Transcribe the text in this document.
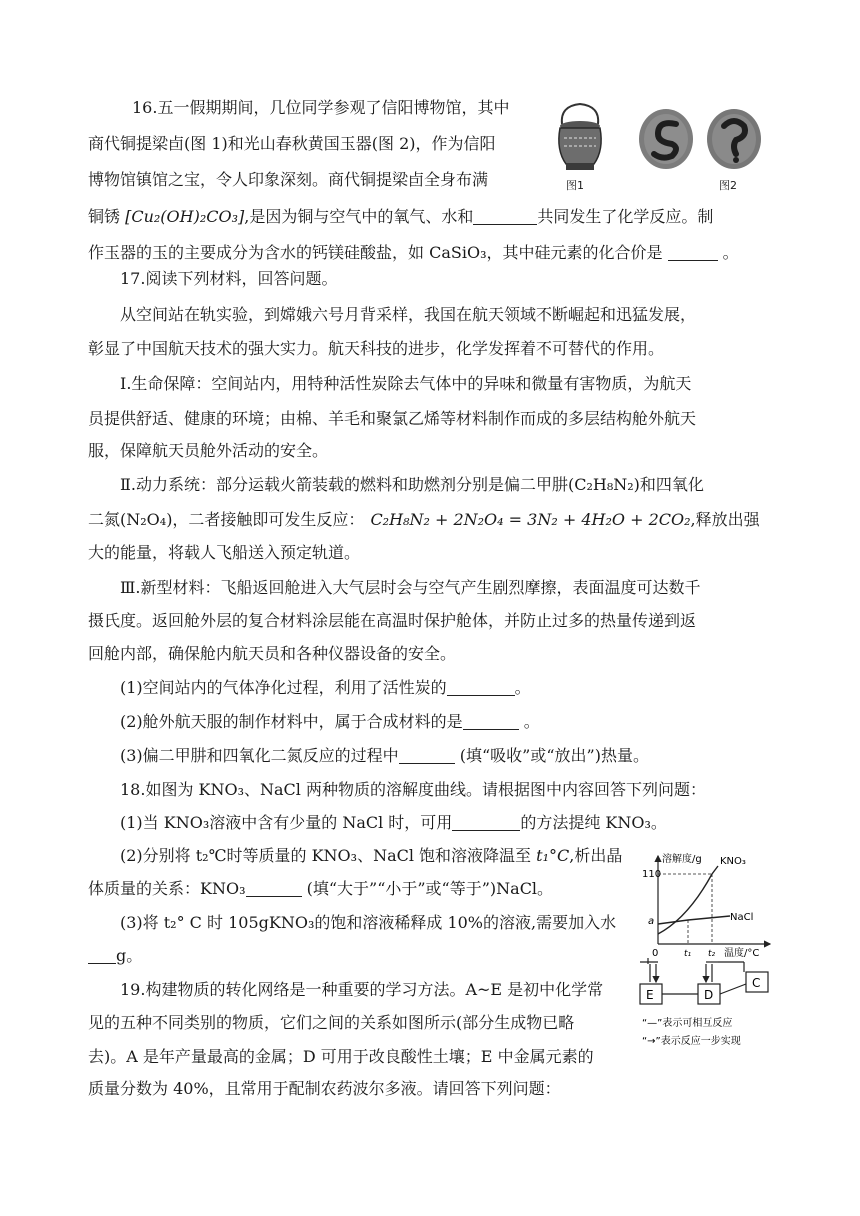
16.五一假期期间，几位同学参观了信阳博物馆，其中
商代铜提梁卣(图 1)和光山春秋黄国玉器(图 2)，作为信阳
博物馆镇馆之宝，令人印象深刻。商代铜提梁卣全身布满
铜锈 [Cu₂(OH)₂CO₃],是因为铜与空气中的氧气、水和	共同发生了化学反应。制
作玉器的玉的主要成分为含水的钙镁硅酸盐，如 CaSiO₃，其中硅元素的化合价是	。
图1	图2
17.阅读下列材料，回答问题。
从空间站在轨实验，到嫦娥六号月背采样，我国在航天领域不断崛起和迅猛发展，
彰显了中国航天技术的强大实力。航天科技的进步，化学发挥着不可替代的作用。
Ⅰ.生命保障：空间站内，用特种活性炭除去气体中的异味和微量有害物质，为航天
员提供舒适、健康的环境；由棉、羊毛和聚氯乙烯等材料制作而成的多层结构舱外航天
服，保障航天员舱外活动的安全。
Ⅱ.动力系统：部分运载火箭装载的燃料和助燃剂分别是偏二甲肼(C₂H₈N₂)和四氧化
二氮(N₂O₄)，二者接触即可发生反应： C₂H₈N₂ + 2N₂O₄ = 3N₂ + 4H₂O + 2CO₂,释放出强
大的能量，将载人飞船送入预定轨道。
Ⅲ.新型材料：飞船返回舱进入大气层时会与空气产生剧烈摩擦，表面温度可达数千
摄氏度。返回舱外层的复合材料涂层能在高温时保护舱体，并防止过多的热量传递到返
回舱内部，确保舱内航天员和各种仪器设备的安全。
(1)空间站内的气体净化过程，利用了活性炭的	。
(2)舱外航天服的制作材料中，属于合成材料的是	。
(3)偏二甲肼和四氧化二氮反应的过程中	(填“吸收”或“放出”)热量。
18.如图为 KNO₃、NaCl 两种物质的溶解度曲线。请根据图中内容回答下列问题：
(1)当 KNO₃溶液中含有少量的 NaCl 时，可用	的方法提纯 KNO₃。
(2)分别将 t₂℃时等质量的 KNO₃、NaCl 饱和溶液降温至 t₁°C,析出晶
体质量的关系：KNO₃	(填“大于”“小于”或“等于”)NaCl。
(3)将 t₂° C 时 105gKNO₃的饱和溶液稀释成 10%的溶液,需要加入水
g。
溶解度/g
110
a
KNO₃
NaCl
0	t₁ t₂ 温度/°C
19.构建物质的转化网络是一种重要的学习方法。A~E 是初中化学常
见的五种不同类别的物质，它们之间的关系如图所示(部分生成物已略
去)。A 是年产量最高的金属；D 可用于改良酸性土壤；E 中金属元素的
质量分数为 40%，且常用于配制农药波尔多液。请回答下列问题：
E	D
C
“—”表示可相互反应
“→”表示反应一步实现
